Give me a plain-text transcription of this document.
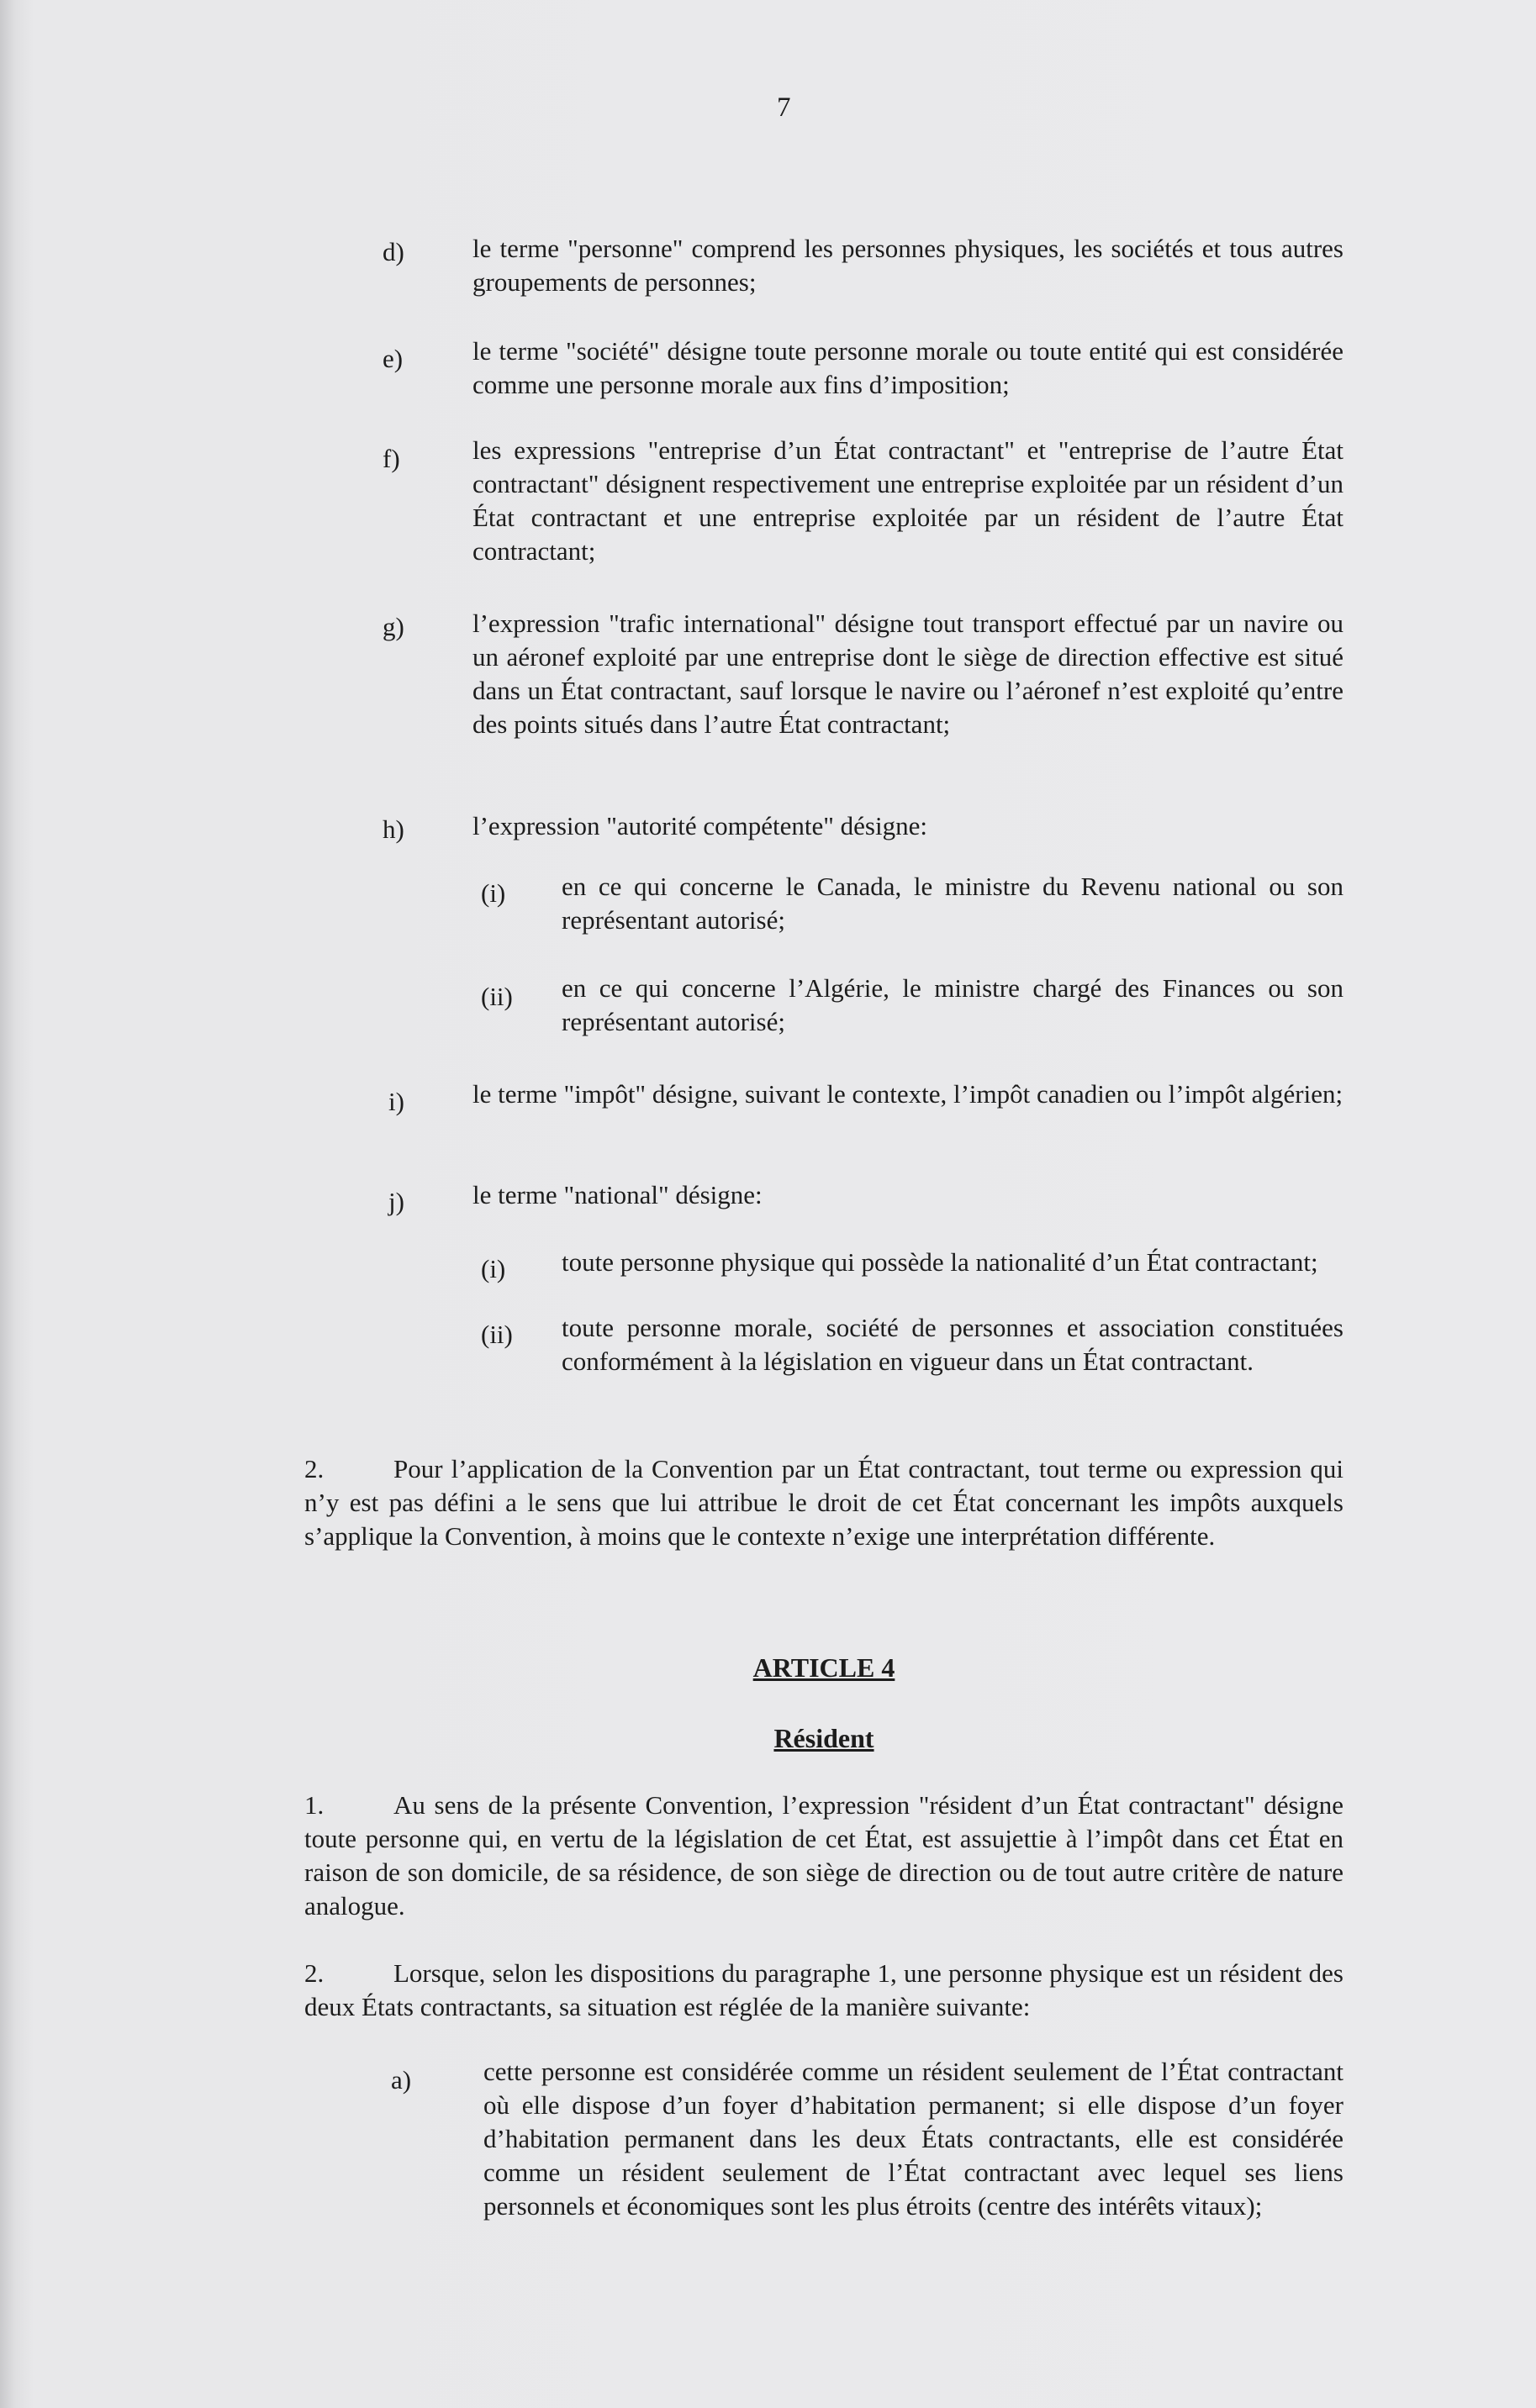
7
d)	le terme "personne" comprend les personnes physiques, les sociétés et tous autres groupements de personnes;
e)	le terme "société" désigne toute personne morale ou toute entité qui est considérée comme une personne morale aux fins d’imposition;
f)	les expressions "entreprise d’un État contractant" et "entreprise de l’autre État contractant" désignent respectivement une entreprise exploitée par un résident d’un État contractant et une entreprise exploitée par un résident de l’autre État contractant;
g)	l’expression "trafic international" désigne tout transport effectué par un navire ou un aéronef exploité par une entreprise dont le siège de direction effective est situé dans un État contractant, sauf lorsque le navire ou l’aéronef n’est exploité qu’entre des points situés dans l’autre État contractant;
h)	l’expression "autorité compétente" désigne:
(i) en ce qui concerne le Canada, le ministre du Revenu national ou son représentant autorisé;
(ii) en ce qui concerne l’Algérie, le ministre chargé des Finances ou son représentant autorisé;
i)	le terme "impôt" désigne, suivant le contexte, l’impôt canadien ou l’impôt algérien;
j)	le terme "national" désigne:
(i) toute personne physique qui possède la nationalité d’un État contractant;
(ii) toute personne morale, société de personnes et association constituées conformément à la législation en vigueur dans un État contractant.
2.	Pour l’application de la Convention par un État contractant, tout terme ou expression qui n’y est pas défini a le sens que lui attribue le droit de cet État concernant les impôts auxquels s’applique la Convention, à moins que le contexte n’exige une interprétation différente.
ARTICLE 4
Résident
1.	Au sens de la présente Convention, l’expression "résident d’un État contractant" désigne toute personne qui, en vertu de la législation de cet État, est assujettie à l’impôt dans cet État en raison de son domicile, de sa résidence, de son siège de direction ou de tout autre critère de nature analogue.
2.	Lorsque, selon les dispositions du paragraphe 1, une personne physique est un résident des deux États contractants, sa situation est réglée de la manière suivante:
a)	cette personne est considérée comme un résident seulement de l’État contractant où elle dispose d’un foyer d’habitation permanent; si elle dispose d’un foyer d’habitation permanent dans les deux États contractants, elle est considérée comme un résident seulement de l’État contractant avec lequel ses liens personnels et économiques sont les plus étroits (centre des intérêts vitaux);
